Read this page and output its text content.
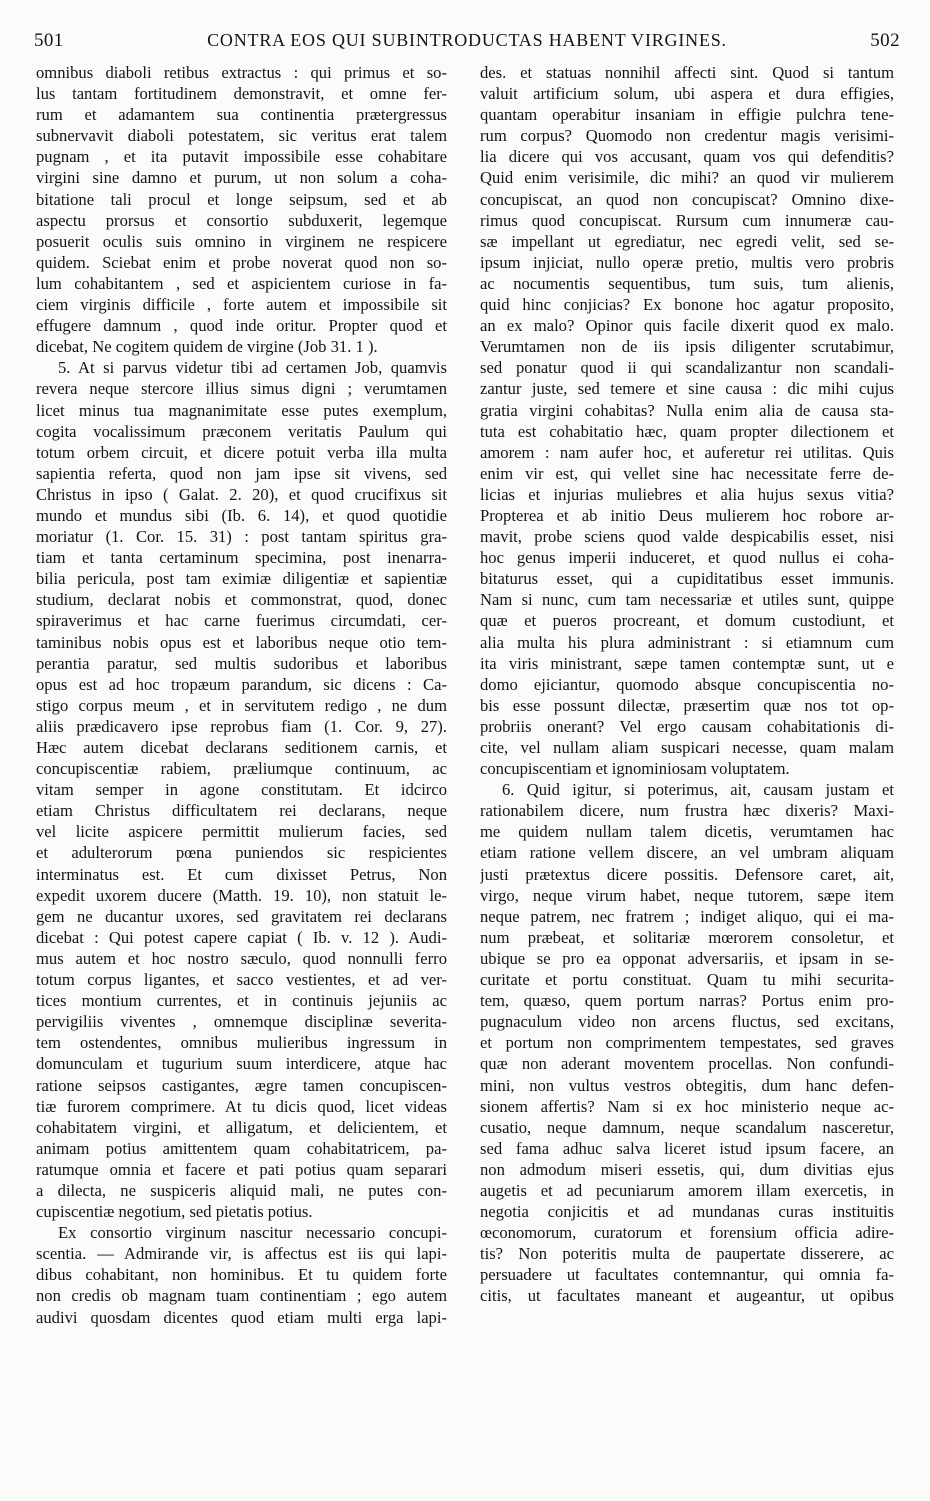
501	CONTRA EOS QUI SUBINTRODUCTAS HABENT VIRGINES.	502
omnibus diaboli retibus extractus : qui primus et so-
lus tantam fortitudinem demonstravit, et omne fer-
rum et adamantem sua continentia prætergressus
subnervavit diaboli potestatem, sic veritus erat talem
pugnam , et ita putavit impossibile esse cohabitare
virgini sine damno et purum, ut non solum a coha-
bitatione tali procul et longe seipsum, sed et ab
aspectu prorsus et consortio subduxerit, legemque
posuerit oculis suis omnino in virginem ne respicere
quidem. Sciebat enim et probe noverat quod non so-
lum cohabitantem , sed et aspicientem curiose in fa-
ciem virginis difficile , forte autem et impossibile sit
effugere damnum , quod inde oritur. Propter quod et
dicebat, Ne cogitem quidem de virgine (Job 31. 1 ).
5. At si parvus videtur tibi ad certamen Job, quamvis
revera neque stercore illius simus digni ; verumtamen
licet minus tua magnanimitate esse putes exemplum,
cogita vocalissimum præconem veritatis Paulum qui
totum orbem circuit, et dicere potuit verba illa multa
sapientia referta, quod non jam ipse sit vivens, sed
Christus in ipso ( Galat. 2. 20), et quod crucifixus sit
mundo et mundus sibi (Ib. 6. 14), et quod quotidie
moriatur (1. Cor. 15. 31) : post tantam spiritus gra-
tiam et tanta certaminum specimina, post inenarra-
bilia pericula, post tam eximiæ diligentiæ et sapientiæ
studium, declarat nobis et commonstrat, quod, donec
spiraverimus et hac carne fuerimus circumdati, cer-
taminibus nobis opus est et laboribus neque otio tem-
perantia paratur, sed multis sudoribus et laboribus
opus est ad hoc tropæum parandum, sic dicens : Ca-
stigo corpus meum , et in servitutem redigo , ne dum
aliis prædicavero ipse reprobus fiam (1. Cor. 9, 27).
Hæc autem dicebat declarans seditionem carnis, et
concupiscentiæ rabiem, præliumque continuum, ac
vitam semper in agone constitutam. Et idcirco
etiam Christus difficultatem rei declarans, neque
vel licite aspicere permittit mulierum facies, sed
et adulterorum pœna puniendos sic respicientes
interminatus est. Et cum dixisset Petrus, Non
expedit uxorem ducere (Matth. 19. 10), non statuit le-
gem ne ducantur uxores, sed gravitatem rei declarans
dicebat : Qui potest capere capiat ( Ib. v. 12 ). Audi-
mus autem et hoc nostro sæculo, quod nonnulli ferro
totum corpus ligantes, et sacco vestientes, et ad ver-
tices montium currentes, et in continuis jejuniis ac
pervigiliis viventes , omnemque disciplinæ severita-
tem ostendentes, omnibus mulieribus ingressum in
domunculam et tugurium suum interdicere, atque hac
ratione seipsos castigantes, ægre tamen concupiscen-
tiæ furorem comprimere. At tu dicis quod, licet videas
cohabitatem virgini, et alligatum, et delicientem, et
animam potius amittentem quam cohabitatricem, pa-
ratumque omnia et facere et pati potius quam separari
a dilecta, ne suspiceris aliquid mali, ne putes con-
cupiscentiæ negotium, sed pietatis potius.
Ex consortio virginum nascitur necessario concupi-
scentia. — Admirande vir, is affectus est iis qui lapi-
dibus cohabitant, non hominibus. Et tu quidem forte
non credis ob magnam tuam continentiam ; ego autem
audivi quosdam dicentes quod etiam multi erga lapi-
des. et statuas nonnihil affecti sint. Quod si tantum
valuit artificium solum, ubi aspera et dura effigies,
quantam operabitur insaniam in effigie pulchra tene-
rum corpus? Quomodo non credentur magis verisimi-
lia dicere qui vos accusant, quam vos qui defenditis?
Quid enim verisimile, dic mihi? an quod vir mulierem
concupiscat, an quod non concupiscat? Omnino dixe-
rimus quod concupiscat. Rursum cum innumeræ cau-
sæ impellant ut egrediatur, nec egredi velit, sed se-
ipsum injiciat, nullo operæ pretio, multis vero probris
ac nocumentis sequentibus, tum suis, tum alienis,
quid hinc conjicias? Ex bonone hoc agatur proposito,
an ex malo? Opinor quis facile dixerit quod ex malo.
Verumtamen non de iis ipsis diligenter scrutabimur,
sed ponatur quod ii qui scandalizantur non scandali-
zantur juste, sed temere et sine causa : dic mihi cujus
gratia virgini cohabitas? Nulla enim alia de causa sta-
tuta est cohabitatio hæc, quam propter dilectionem et
amorem : nam aufer hoc, et auferetur rei utilitas. Quis
enim vir est, qui vellet sine hac necessitate ferre de-
licias et injurias muliebres et alia hujus sexus vitia?
Propterea et ab initio Deus mulierem hoc robore ar-
mavit, probe sciens quod valde despicabilis esset, nisi
hoc genus imperii induceret, et quod nullus ei coha-
bitaturus esset, qui a cupiditatibus esset immunis.
Nam si nunc, cum tam necessariæ et utiles sunt, quippe
quæ et pueros procreant, et domum custodiunt, et
alia multa his plura administrant : si etiamnum cum
ita viris ministrant, sæpe tamen contemptæ sunt, ut e
domo ejiciantur, quomodo absque concupiscentia no-
bis esse possunt dilectæ, præsertim quæ nos tot op-
probriis onerant? Vel ergo causam cohabitationis di-
cite, vel nullam aliam suspicari necesse, quam malam
concupiscentiam et ignominiosam voluptatem.
6. Quid igitur, si poterimus, ait, causam justam et
rationabilem dicere, num frustra hæc dixeris? Maxi-
me quidem nullam talem dicetis, verumtamen hac
etiam ratione vellem discere, an vel umbram aliquam
justi prætextus dicere possitis. Defensore caret, ait,
virgo, neque virum habet, neque tutorem, sæpe item
neque patrem, nec fratrem ; indiget aliquo, qui ei ma-
num præbeat, et solitariæ mœrorem consoletur, et
ubique se pro ea opponat adversariis, et ipsam in se-
curitate et portu constituat. Quam tu mihi securita-
tem, quæso, quem portum narras? Portus enim pro-
pugnaculum video non arcens fluctus, sed excitans,
et portum non comprimentem tempestates, sed graves
quæ non aderant moventem procellas. Non confundi-
mini, non vultus vestros obtegitis, dum hanc defen-
sionem affertis? Nam si ex hoc ministerio neque ac-
cusatio, neque damnum, neque scandalum nasceretur,
sed fama adhuc salva liceret istud ipsum facere, an
non admodum miseri essetis, qui, dum divitias ejus
augetis et ad pecuniarum amorem illam exercetis, in
negotia conjicitis et ad mundanas curas instituitis
œconomorum, curatorum et forensium officia adire-
tis? Non poteritis multa de paupertate disserere, ac
persuadere ut facultates contemnantur, qui omnia fa-
citis, ut facultates maneant et augeantur, ut opibus
